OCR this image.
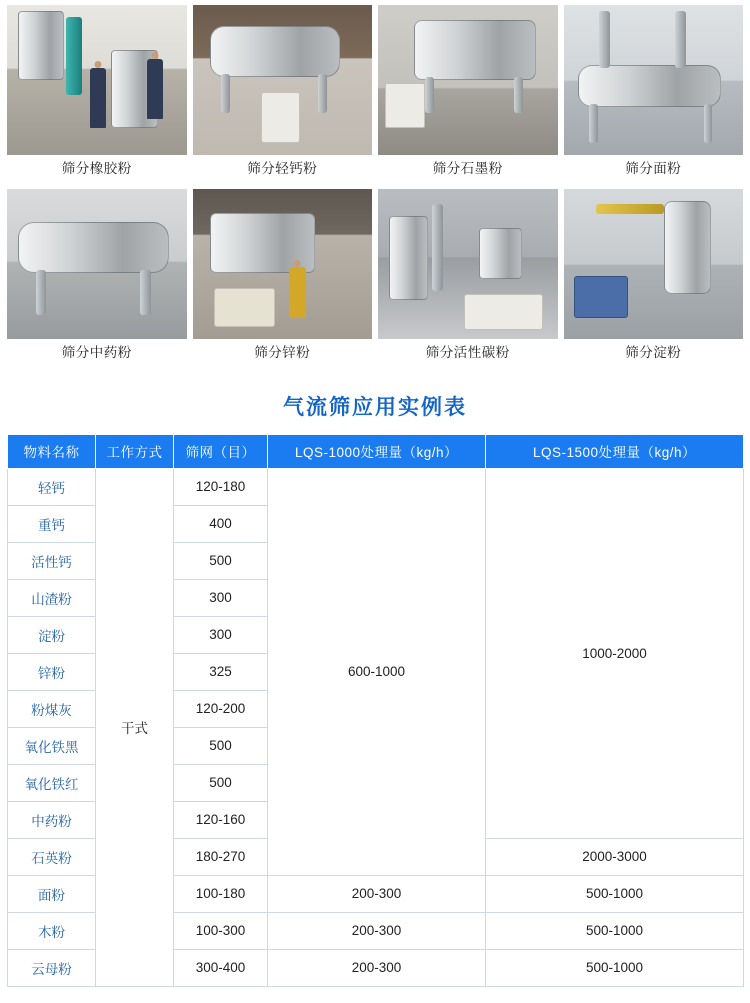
筛分橡胶粉	筛分轻钙粉	筛分石墨粉	筛分面粉
筛分中药粉	筛分锌粉	筛分活性碳粉	筛分淀粉
气流筛应用实例表
物料名称	工作方式	筛网（目）	LQS-1000处理量（kg/h）	LQS-1500处理量（kg/h）
轻钙	干式	120-180	600-1000	1000-2000
重钙		400		
活性钙		500		
山渣粉		300		
淀粉		300		
锌粉		325		
粉煤灰		120-200		
氧化铁黑		500		
氧化铁红		500		
中药粉		120-160		
石英粉		180-270		2000-3000
面粉		100-180	200-300	500-1000
木粉		100-300	200-300	500-1000
云母粉		300-400	200-300	500-1000
